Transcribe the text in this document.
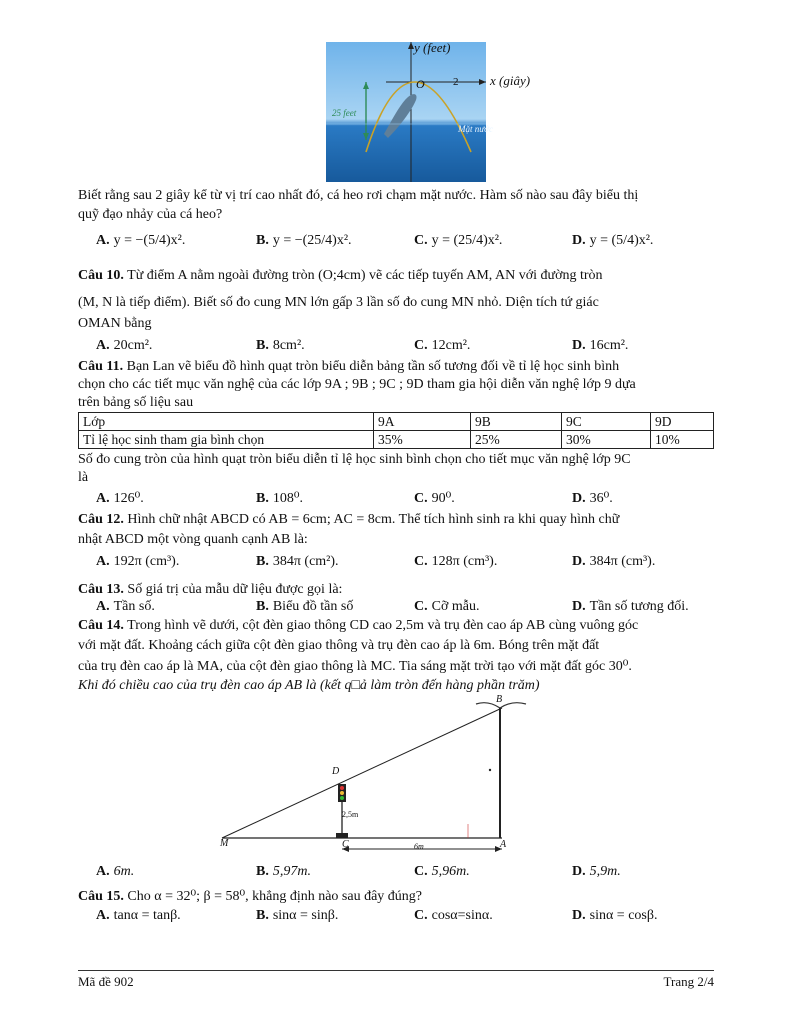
y (feet)
x (giây)
O	2
25 feet
Mặt nước
Biết rằng sau 2 giây kể từ vị trí cao nhất đó, cá heo rơi chạm mặt nước. Hàm số nào sau đây biểu thị
quỹ đạo nhảy của cá heo?
A. y = −(5/4)x².	B. y = −(25/4)x².	C. y = (25/4)x².	D. y = (5/4)x².
Câu 10. Từ điểm A nằm ngoài đường tròn (O;4cm) vẽ các tiếp tuyến AM, AN với đường tròn
(M, N là tiếp điểm). Biết số đo cung MN lớn gấp 3 lần số đo cung MN nhỏ. Diện tích tứ giác
OMAN bằng
A. 20cm².	B. 8cm².	C. 12cm².	D. 16cm².
Câu 11. Bạn Lan vẽ biểu đồ hình quạt tròn biểu diễn bảng tần số tương đối về tỉ lệ học sinh bình
chọn cho các tiết mục văn nghệ của các lớp 9A ; 9B ; 9C ; 9D tham gia hội diễn văn nghệ lớp 9 dựa
trên bảng số liệu sau
Lớp	9A	9B	9C	9D
Tỉ lệ học sinh tham gia bình chọn	35%	25%	30%	10%
Số đo cung tròn của hình quạt tròn biểu diễn tỉ lệ học sinh bình chọn cho tiết mục văn nghệ lớp 9C
là
A. 126⁰.	B. 108⁰.	C. 90⁰.	D. 36⁰.
Câu 12. Hình chữ nhật ABCD có AB = 6cm; AC = 8cm. Thể tích hình sinh ra khi quay hình chữ
nhật ABCD một vòng quanh cạnh AB là:
A. 192π (cm³).	B. 384π (cm²).	C. 128π (cm³).	D. 384π (cm³).
Câu 13. Số giá trị của mẫu dữ liệu được gọi là:
A. Tần số.	B. Biểu đồ tần số	C. Cỡ mẫu.	D. Tần số tương đối.
Câu 14. Trong hình vẽ dưới, cột đèn giao thông CD cao 2,5m và trụ đèn cao áp AB cùng vuông góc
với mặt đất. Khoảng cách giữa cột đèn giao thông và trụ đèn cao áp là 6m. Bóng trên mặt đất
của trụ đèn cao áp là MA, của cột đèn giao thông là MC. Tia sáng mặt trời tạo với mặt đất góc 30⁰.
Khi đó chiều cao của trụ đèn cao áp AB là (kết q□ả làm tròn đến hàng phần trăm)
B
D
M	C	A
2,5m
6m
A. 6m.	B. 5,97m.	C. 5,96m.	D. 5,9m.
Câu 15. Cho α = 32⁰; β = 58⁰, khẳng định nào sau đây đúng?
A. tanα = tanβ.	B. sinα = sinβ.	C. cosα=sinα.	D. sinα = cosβ.
Mã đề 902	Trang 2/4
